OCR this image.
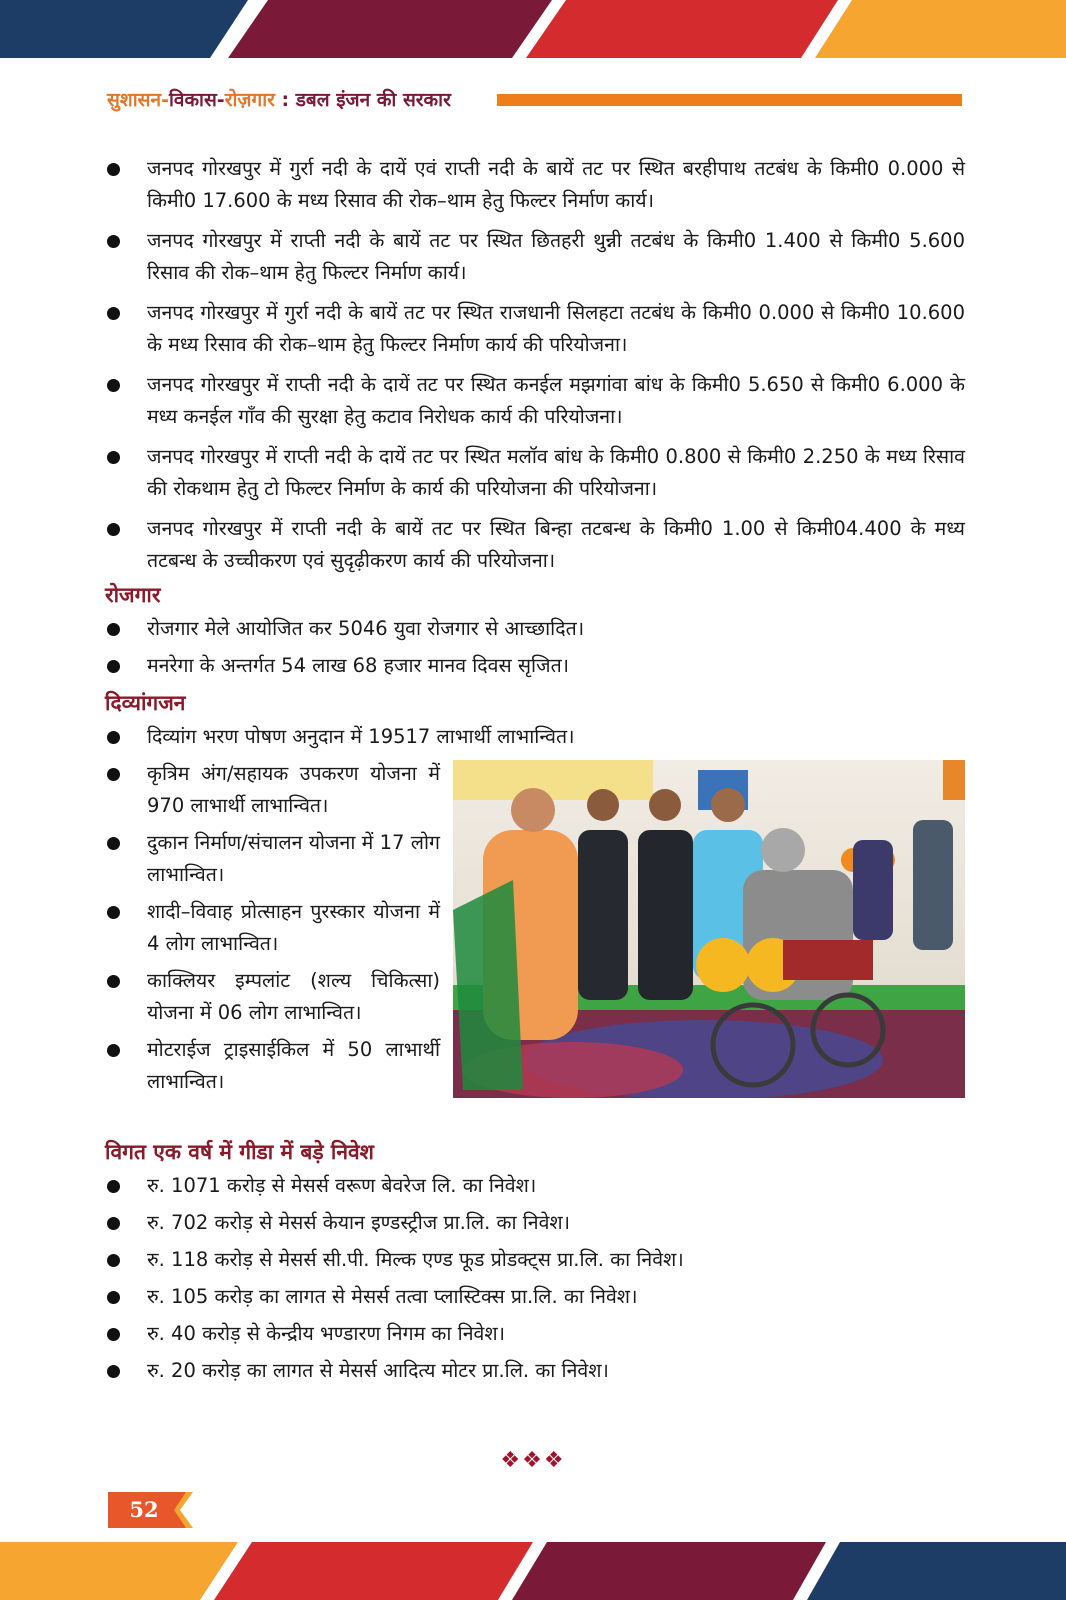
सुशासन-विकास-रोज़गार : डबल इंजन की सरकार
जनपद गोरखपुर में गुर्रा नदी के दायें एवं राप्ती नदी के बायें तट पर स्थित बरहीपाथ तटबंध के किमी0 0.000 से किमी0 17.600 के मध्य रिसाव की रोक–थाम हेतु फिल्टर निर्माण कार्य।
जनपद गोरखपुर में राप्ती नदी के बायें तट पर स्थित छितहरी थुन्नी तटबंध के किमी0 1.400 से किमी0 5.600 रिसाव की रोक–थाम हेतु फिल्टर निर्माण कार्य।
जनपद गोरखपुर में गुर्रा नदी के बायें तट पर स्थित राजधानी सिलहटा तटबंध के किमी0 0.000 से किमी0 10.600 के मध्य रिसाव की रोक–थाम हेतु फिल्टर निर्माण कार्य की परियोजना।
जनपद गोरखपुर में राप्ती नदी के दायें तट पर स्थित कनईल मझगांवा बांध के किमी0 5.650 से किमी0 6.000 के मध्य कनईल गाँव की सुरक्षा हेतु कटाव निरोधक कार्य की परियोजना।
जनपद गोरखपुर में राप्ती नदी के दायें तट पर स्थित मलॉव बांध के किमी0 0.800 से किमी0 2.250 के मध्य रिसाव की रोकथाम हेतु टो फिल्टर निर्माण के कार्य की परियोजना की परियोजना।
जनपद गोरखपुर में राप्ती नदी के बायें तट पर स्थित बिन्हा तटबन्ध के किमी0 1.00 से किमी04.400 के मध्य तटबन्ध के उच्चीकरण एवं सुदृढ़ीकरण कार्य की परियोजना।
रोजगार
रोजगार मेले आयोजित कर 5046 युवा रोजगार से आच्छादित।
मनरेगा के अन्तर्गत 54 लाख 68 हजार मानव दिवस सृजित।
दिव्यांगजन
दिव्यांग भरण पोषण अनुदान में 19517 लाभार्थी लाभान्वित।
कृत्रिम अंग/सहायक उपकरण योजना में 970 लाभार्थी लाभान्वित।
दुकान निर्माण/संचालन योजना में 17 लोग लाभान्वित।
शादी–विवाह प्रोत्साहन पुरस्कार योजना में 4 लोग लाभान्वित।
काक्लियर इम्पलांट (शल्य चिकित्सा) योजना में 06 लोग लाभान्वित।
मोटराईज ट्राइसाईकिल में 50 लाभार्थी लाभान्वित।
विगत एक वर्ष में गीडा में बड़े निवेश
रु. 1071 करोड़ से मेसर्स वरूण बेवरेज लि. का निवेश।
रु. 702 करोड़ से मेसर्स केयान इण्डस्ट्रीज प्रा.लि. का निवेश।
रु. 118 करोड़ से मेसर्स सी.पी. मिल्क एण्ड फूड प्रोडक्ट्स प्रा.लि. का निवेश।
रु. 105 करोड़ का लागत से मेसर्स तत्वा प्लास्टिक्स प्रा.लि. का निवेश।
रु. 40 करोड़ से केन्द्रीय भण्डारण निगम का निवेश।
रु. 20 करोड़ का लागत से मेसर्स आदित्य मोटर प्रा.लि. का निवेश।
❖❖❖
52
